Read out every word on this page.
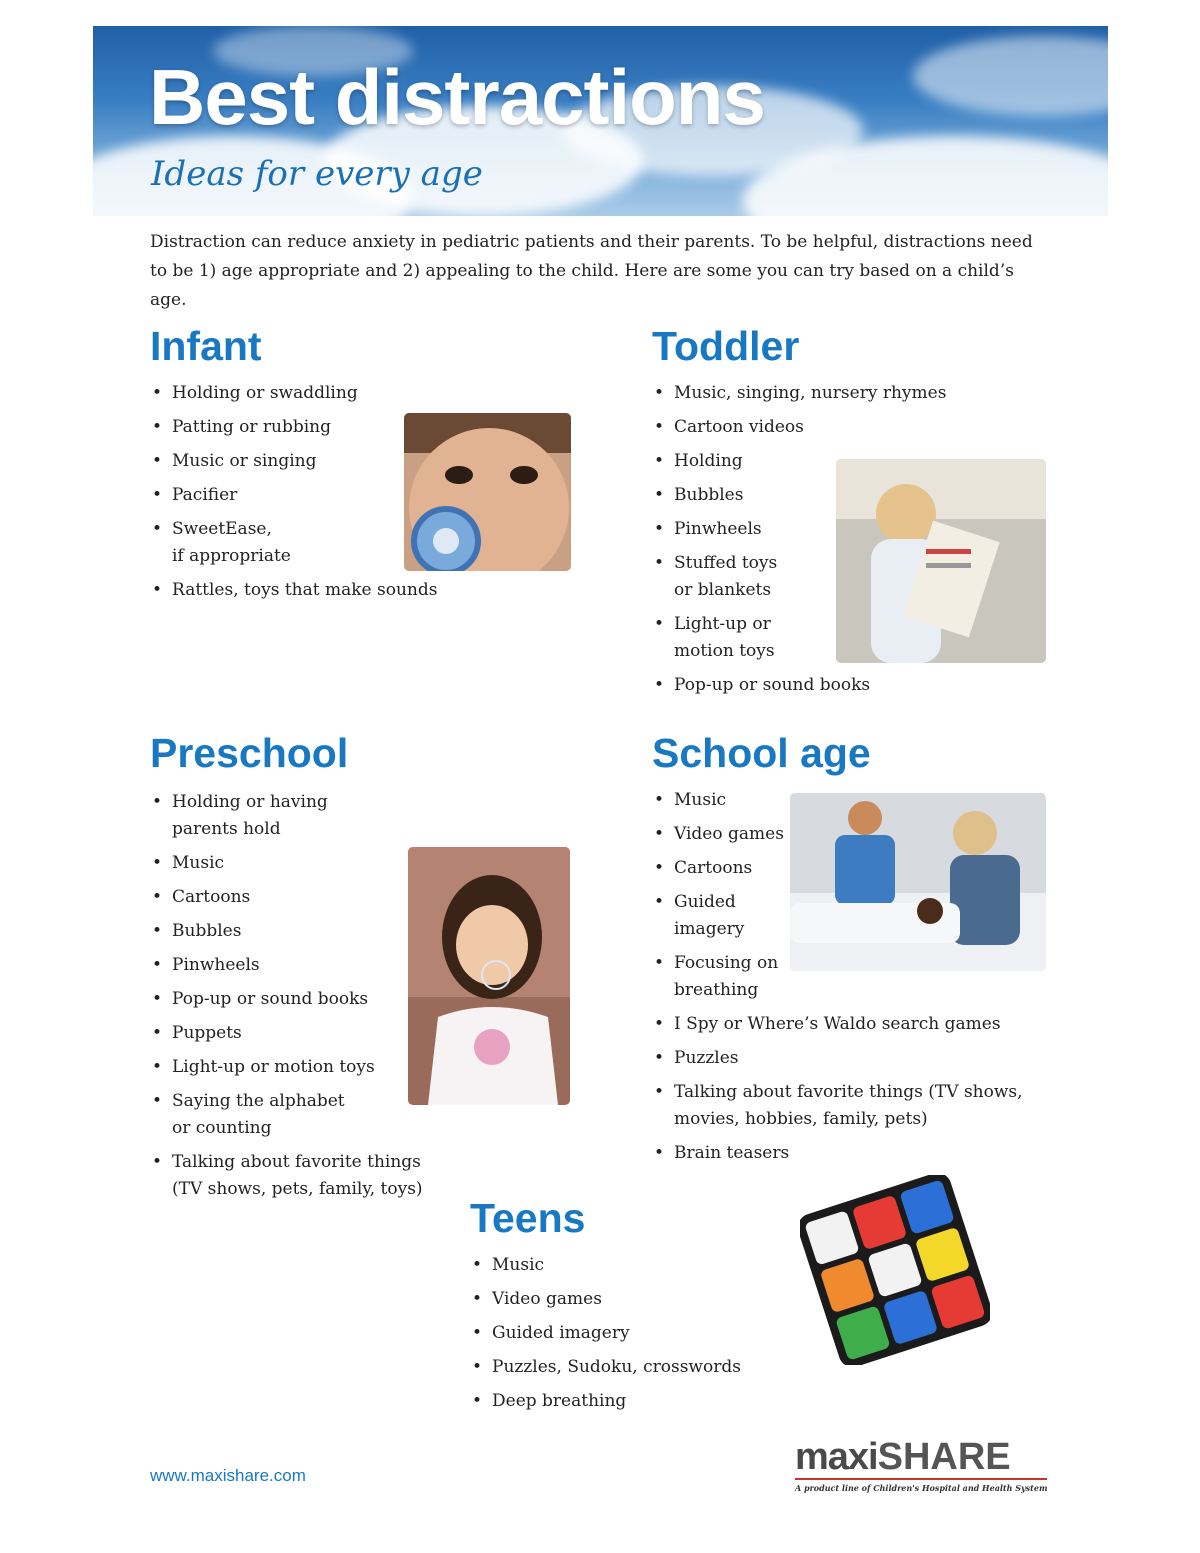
Best distractions

Ideas for every age

Distraction can reduce anxiety in pediatric patients and their parents. To be helpful, distractions need to be 1) age appropriate and 2) appealing to the child. Here are some you can try based on a child’s age.

Infant
• Holding or swaddling
• Patting or rubbing
• Music or singing
• Pacifier
• SweetEase,
if appropriate
• Rattles, toys that make sounds
Toddler
• Music, singing, nursery rhymes
• Cartoon videos
• Holding
• Bubbles
• Pinwheels
• Stuffed toys
or blankets
• Light-up or
motion toys
• Pop-up or sound books
Preschool
• Holding or having
parents hold
• Music
• Cartoons
• Bubbles
• Pinwheels
• Pop-up or sound books
• Puppets
• Light-up or motion toys
• Saying the alphabet
or counting
• Talking about favorite things
(TV shows, pets, family, toys)
School age
• Music
• Video games
• Cartoons
• Guided
imagery
• Focusing on
breathing
• I Spy or Where’s Waldo search games
• Puzzles
• Talking about favorite things (TV shows,
movies, hobbies, family, pets)
• Brain teasers
Teens
• Music
• Video games
• Guided imagery
• Puzzles, Sudoku, crosswords
• Deep breathing

www.maxishare.com	maxiSHARE
A product line of Children's Hospital and Health System
